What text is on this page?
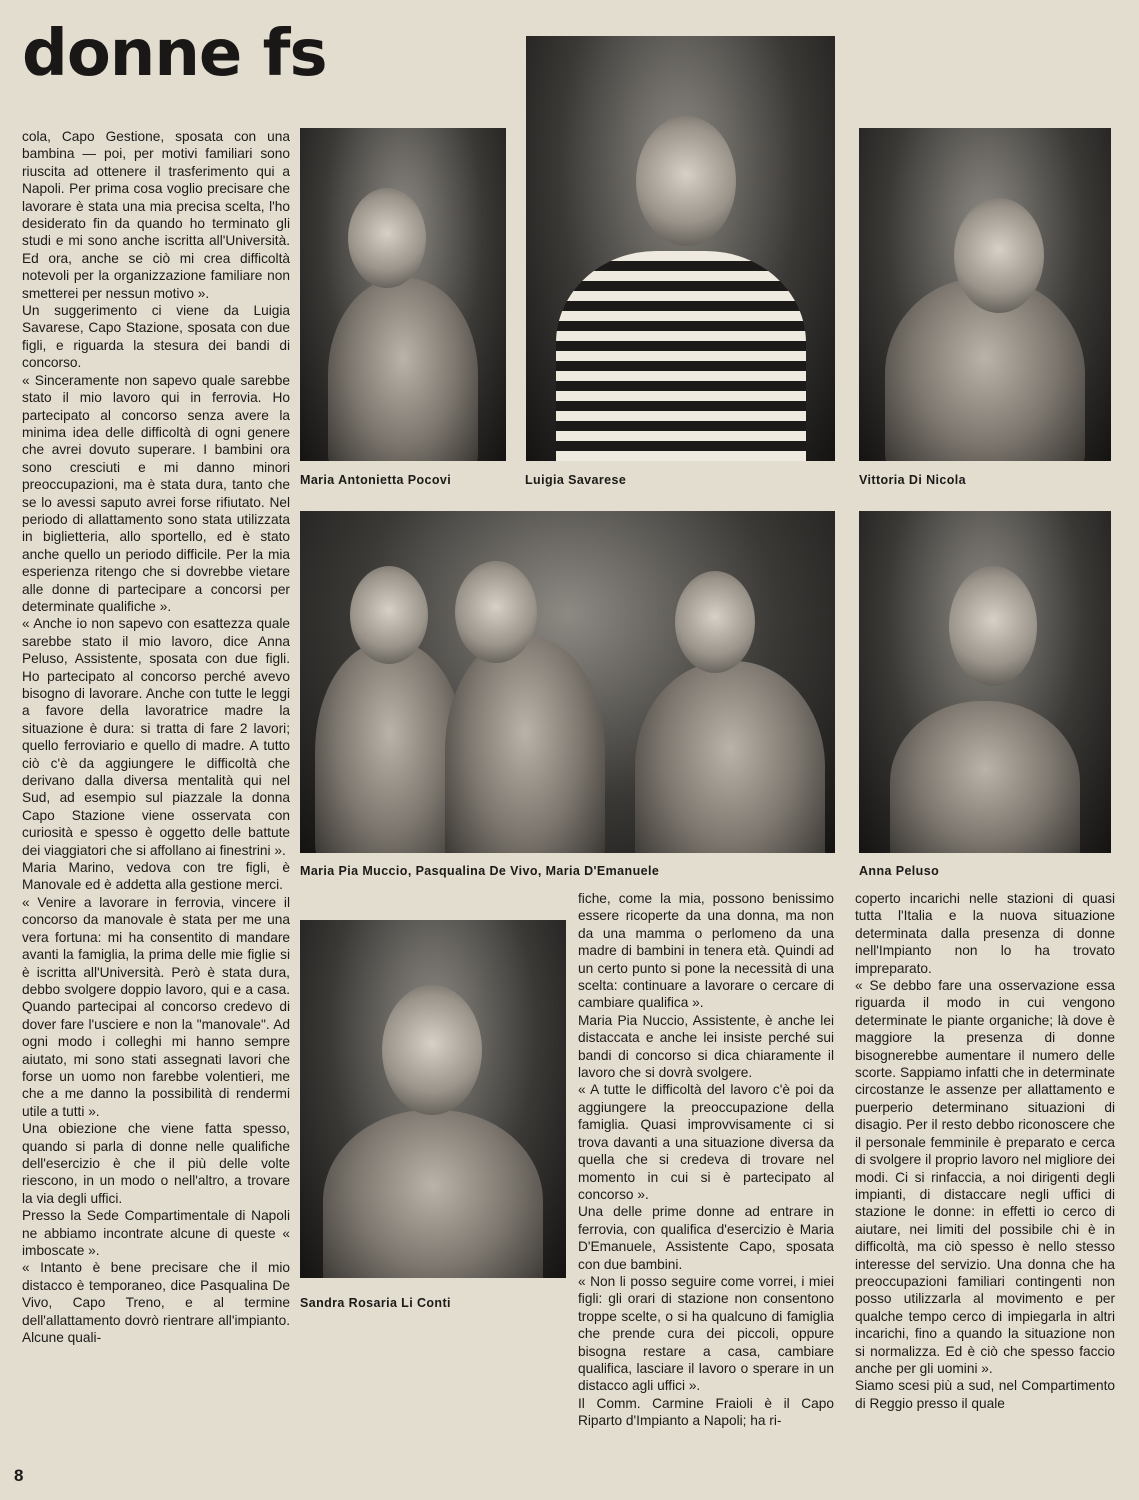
donne fs

cola, Capo Gestione, sposata con una bambina — poi, per motivi familiari sono riuscita ad ottenere il trasferimento qui a Napoli. Per prima cosa voglio precisare che lavorare è stata una mia precisa scelta, l'ho desiderato fin da quando ho terminato gli studi e mi sono anche iscritta all'Università. Ed ora, anche se ciò mi crea difficoltà notevoli per la organizzazione familiare non smetterei per nessun motivo ».

Un suggerimento ci viene da Luigia Savarese, Capo Stazione, sposata con due figli, e riguarda la stesura dei bandi di concorso.

« Sinceramente non sapevo quale sarebbe stato il mio lavoro qui in ferrovia. Ho partecipato al concorso senza avere la minima idea delle difficoltà di ogni genere che avrei dovuto superare. I bambini ora sono cresciuti e mi danno minori preoccupazioni, ma è stata dura, tanto che se lo avessi saputo avrei forse rifiutato. Nel periodo di allattamento sono stata utilizzata in biglietteria, allo sportello, ed è stato anche quello un periodo difficile. Per la mia esperienza ritengo che si dovrebbe vietare alle donne di partecipare a concorsi per determinate qualifiche ».

« Anche io non sapevo con esattezza quale sarebbe stato il mio lavoro, dice Anna Peluso, Assistente, sposata con due figli. Ho partecipato al concorso perché avevo bisogno di lavorare. Anche con tutte le leggi a favore della lavoratrice madre la situazione è dura: si tratta di fare 2 lavori; quello ferroviario e quello di madre. A tutto ciò c'è da aggiungere le difficoltà che derivano dalla diversa mentalità qui nel Sud, ad esempio sul piazzale la donna Capo Stazione viene osservata con curiosità e spesso è oggetto delle battute dei viaggiatori che si affollano ai finestrini ».

Maria Marino, vedova con tre figli, è Manovale ed è addetta alla gestione merci.

« Venire a lavorare in ferrovia, vincere il concorso da manovale è stata per me una vera fortuna: mi ha consentito di mandare avanti la famiglia, la prima delle mie figlie si è iscritta all'Università. Però è stata dura, debbo svolgere doppio lavoro, qui e a casa. Quando partecipai al concorso credevo di dover fare l'usciere e non la "manovale". Ad ogni modo i colleghi mi hanno sempre aiutato, mi sono stati assegnati lavori che forse un uomo non farebbe volentieri, me che a me danno la possibilità di rendermi utile a tutti ».

Una obiezione che viene fatta spesso, quando si parla di donne nelle qualifiche dell'esercizio è che il più delle volte riescono, in un modo o nell'altro, a trovare la via degli uffici.

Presso la Sede Compartimentale di Napoli ne abbiamo incontrate alcune di queste « imboscate ».

« Intanto è bene precisare che il mio distacco è temporaneo, dice Pasqualina De Vivo, Capo Treno, e al termine dell'allattamento dovrò rientrare all'impianto. Alcune quali-

Maria Antonietta Pocovi	Luigia Savarese	Vittoria Di Nicola
Maria Pia Muccio, Pasqualina De Vivo, Maria D'Emanuele	Anna Peluso
Sandra Rosaria Li Conti

fiche, come la mia, possono benissimo essere ricoperte da una donna, ma non da una mamma o perlomeno da una madre di bambini in tenera età. Quindi ad un certo punto si pone la necessità di una scelta: continuare a lavorare o cercare di cambiare qualifica ».

Maria Pia Nuccio, Assistente, è anche lei distaccata e anche lei insiste perché sui bandi di concorso si dica chiaramente il lavoro che si dovrà svolgere.

« A tutte le difficoltà del lavoro c'è poi da aggiungere la preoccupazione della famiglia. Quasi improvvisamente ci si trova davanti a una situazione diversa da quella che si credeva di trovare nel momento in cui si è partecipato al concorso ».

Una delle prime donne ad entrare in ferrovia, con qualifica d'esercizio è Maria D'Emanuele, Assistente Capo, sposata con due bambini.

« Non li posso seguire come vorrei, i miei figli: gli orari di stazione non consentono troppe scelte, o si ha qualcuno di famiglia che prende cura dei piccoli, oppure bisogna restare a casa, cambiare qualifica, lasciare il lavoro o sperare in un distacco agli uffici ».

Il Comm. Carmine Fraioli è il Capo Riparto d'Impianto a Napoli; ha ri-

coperto incarichi nelle stazioni di quasi tutta l'Italia e la nuova situazione determinata dalla presenza di donne nell'Impianto non lo ha trovato impreparato.

« Se debbo fare una osservazione essa riguarda il modo in cui vengono determinate le piante organiche; là dove è maggiore la presenza di donne bisognerebbe aumentare il numero delle scorte. Sappiamo infatti che in determinate circostanze le assenze per allattamento e puerperio determinano situazioni di disagio. Per il resto debbo riconoscere che il personale femminile è preparato e cerca di svolgere il proprio lavoro nel migliore dei modi. Ci si rinfaccia, a noi dirigenti degli impianti, di distaccare negli uffici di stazione le donne: in effetti io cerco di aiutare, nei limiti del possibile chi è in difficoltà, ma ciò spesso è nello stesso interesse del servizio. Una donna che ha preoccupazioni familiari contingenti non posso utilizzarla al movimento e per qualche tempo cerco di impiegarla in altri incarichi, fino a quando la situazione non si normalizza. Ed è ciò che spesso faccio anche per gli uomini ».

Siamo scesi più a sud, nel Compartimento di Reggio presso il quale

8
